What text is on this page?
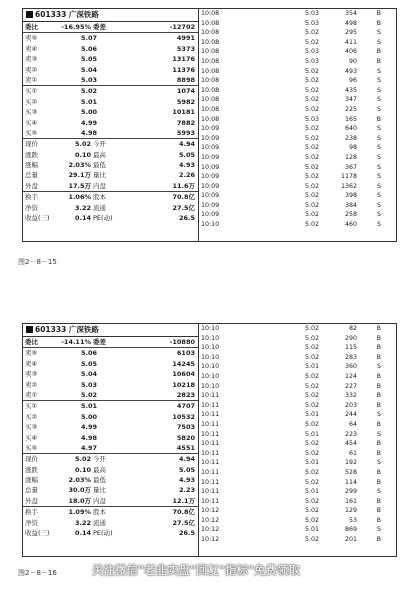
601333 广深铁路
委比	-16.95% 委差	-12702
卖⑤	5.07	4991
卖④	5.06	5373
卖③	5.05	13176
卖②	5.04	11376
卖①	5.03	8898
买①	5.02	1074
买②	5.01	5982
买③	5.00	10181
买④	4.99	7882
买⑤	4.98	5993
现价	5.02 今开	4.94
涨跌	0.10 最高	5.05
涨幅	2.03% 最低	4.93
总量	29.1万 量比	2.26
外盘	17.5万 内盘	11.6万
换手	1.06% 股本	70.8亿
净资	3.22 流通	27.5亿
收益(三)	0.14 PE(动)	26.5
10:08	5.03	354	B
10:08	5.03	498	B
10:08	5.02	295	S
10:08	5.02	411	S
10:08	5.03	406	B
10:08	5.03	90	B
10:08	5.02	493	S
10:08	5.02	96	S
10:08	5.02	435	S
10:08	5.02	347	S
10:08	5.02	225	S
10:08	5.03	165	B
10:09	5.02	640	S
10:09	5.02	238	S
10:09	5.02	98	S
10:09	5.02	128	S
10:09	5.02	367	S
10:09	5.02	1178	S
10:09	5.02	1362	S
10:09	5.02	398	S
10:09	5.02	384	S
10:09	5.02	258	S
10:10	5.02	460	S
图2－8－15
601333 广深铁路
委比	-14.11% 委差	-10880
卖⑤	5.06	6103
卖④	5.05	14245
卖③	5.04	10604
卖②	5.03	10218
卖①	5.02	2823
买①	5.01	4707
买②	5.00	10532
买③	4.99	7503
买④	4.98	5820
买⑤	4.97	4551
现价	5.02 今开	4.94
涨跌	0.10 最高	5.05
涨幅	2.03% 最低	4.93
总量	30.0万 量比	2.23
外盘	18.0万 内盘	12.1万
换手	1.09% 股本	70.8亿
净资	3.22 流通	27.5亿
收益(三)	0.14 PE(动)	26.5
10:10	5.02	82	B
10:10	5.02	290	B
10:10	5.02	115	B
10:10	5.02	283	B
10:10	5.01	360	S
10:10	5.02	124	B
10:10	5.02	227	B
10:11	5.02	332	B
10:11	5.02	203	B
10:11	5.01	244	S
10:11	5.02	64	B
10:11	5.01	223	S
10:11	5.02	454	B
10:11	5.02	61	B
10:11	5.01	192	S
10:11	5.02	528	B
10:11	5.02	114	B
10:11	5.01	299	S
10:11	5.02	161	B
10:12	5.02	129	B
10:12	5.02	53	B
10:12	5.01	869	S
10:12	5.02	201	B
图2－8－16	关注微信"老韭实盘"回复"指标"免费领取
